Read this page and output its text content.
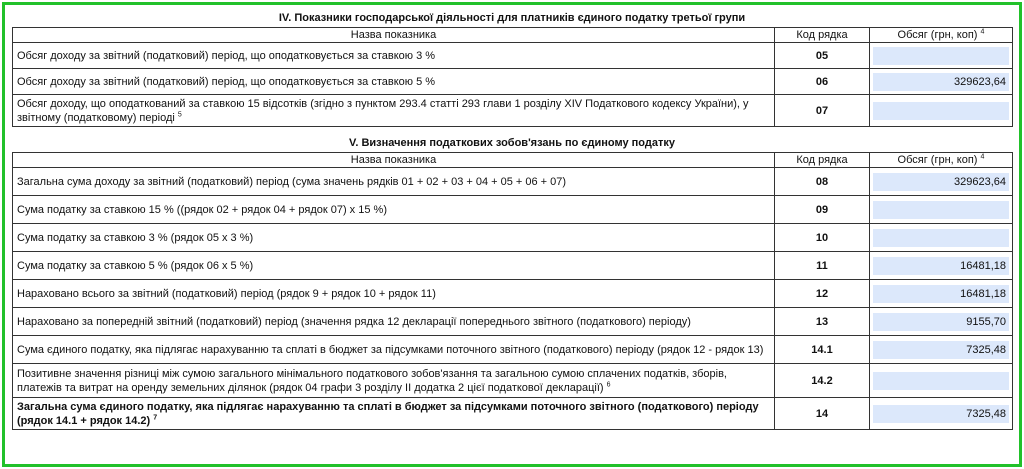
IV. Показники господарської діяльності для платників єдиного податку третьої групи
Назва показника	Код рядка	Обсяг (грн, коп) $^4$
Обсяг доходу за звітний (податковий) період, що оподатковується за ставкою 3 %	05	

Обсяг доходу за звітний (податковий) період, що оподатковується за ставкою 5 %	06	329623,64

Обсяг доходу, що оподаткований за ставкою 15 відсотків (згідно з пунктом 293.4 статті 293 глави 1 розділу XIV Податкового кодексу України), у звітному (податковому) періоді $^5$	07	
V. Визначення податкових зобов'язань по єдиному податку
Назва показника	Код рядка	Обсяг (грн, коп) $^4$
Загальна сума доходу за звітний (податковий) період (сума значень рядків 01 + 02 + 03 + 04 + 05 + 06 + 07)	08	329623,64

Сума податку за ставкою 15 % ((рядок 02 + рядок 04 + рядок 07) x 15 %)	09	

Сума податку за ставкою 3 % (рядок 05 x 3 %)	10	

Сума податку за ставкою 5 % (рядок 06 x 5 %)	11	16481,18

Нараховано всього за звітний (податковий) період (рядок 9 + рядок 10 + рядок 11)	12	16481,18

Нараховано за попередній звітний (податковий) період (значення рядка 12 декларації попереднього звітного (податкового) періоду)	13	9155,70

Сума єдиного податку, яка підлягає нарахуванню та сплаті в бюджет за підсумками поточного звітного (податкового) періоду (рядок 12 - рядок 13)	14.1	7325,48

Позитивне значення різниці між сумою загального мінімального податкового зобов'язання та загальною сумою сплачених податків, зборів, платежів та витрат на оренду земельних ділянок (рядок 04 графи 3 розділу II додатка 2 цієї податкової декларації) $^6$	14.2	

Загальна сума єдиного податку, яка підлягає нарахуванню та сплаті в бюджет за підсумками поточного звітного (податкового) періоду (рядок 14.1 + рядок 14.2) $^7$	14	7325,48
